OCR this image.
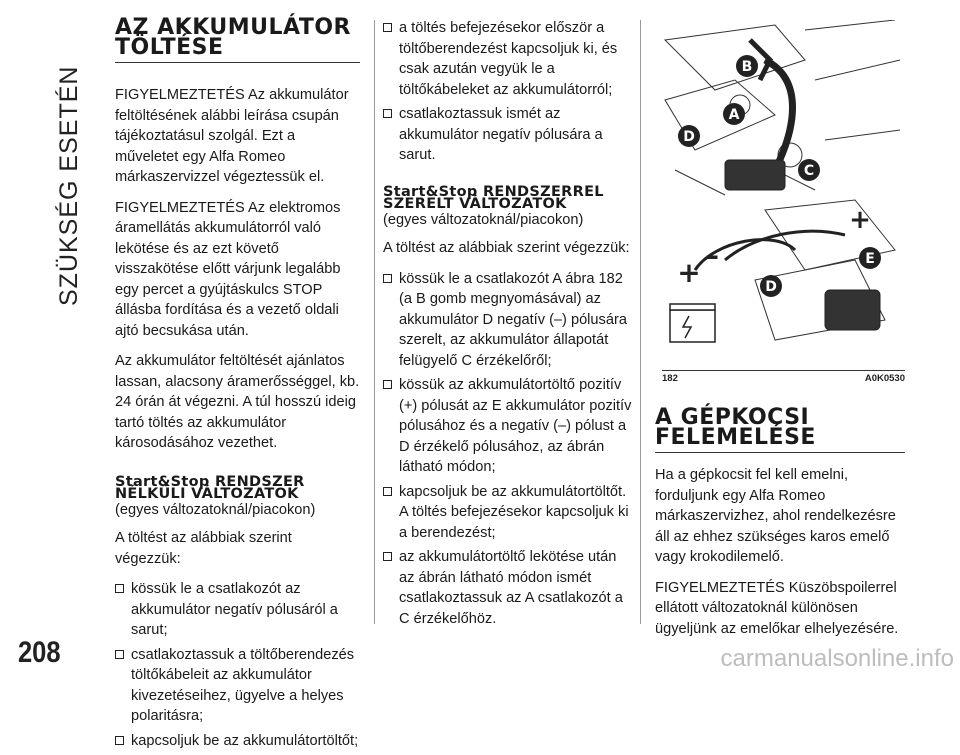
SZÜKSÉG ESETÉN
208
AZ AKKUMULÁTOR TÖLTÉSE

FIGYELMEZTETÉS Az akkumulátor feltöltésének alábbi leírása csupán tájékoztatásul szolgál. Ezt a műveletet egy Alfa Romeo márkaszervizzel végeztessük el.

FIGYELMEZTETÉS Az elektromos áramellátás akkumulátorról való lekötése és az ezt követő visszakötése előtt várjunk legalább egy percet a gyújtáskulcs STOP állásba fordítása és a vezető oldali ajtó becsukása után.

Az akkumulátor feltöltését ajánlatos lassan, alacsony áramerősséggel, kb. 24 órán át végezni. A túl hosszú ideig tartó töltés az akkumulátor károsodásához vezethet.

Start&Stop RENDSZER NÉLKÜLI VÁLTOZATOK
(egyes változatoknál/piacokon)

A töltést az alábbiak szerint végezzük:

kössük le a csatlakozót az akkumulátor negatív pólusáról a sarut;
csatlakoztassuk a töltőberendezés töltőkábeleit az akkumulátor kivezetéseihez, ügyelve a helyes polaritásra;
kapcsoljuk be az akkumulátortöltőt;
a töltés befejezésekor először a töltőberendezést kapcsoljuk ki, és csak azután vegyük le a töltőkábeleket az akkumulátorról;
csatlakoztassuk ismét az akkumulátor negatív pólusára a sarut.
Start&Stop RENDSZERREL SZERELT VÁLTOZATOK
(egyes változatoknál/piacokon)

A töltést az alábbiak szerint végezzük:

kössük le a csatlakozót A ábra 182 (a B gomb megnyomásával) az akkumulátor D negatív (–) pólusára szerelt, az akkumulátor állapotát felügyelő C érzékelőről;
kössük az akkumulátortöltő pozitív (+) pólusát az E akkumulátor pozitív pólusához és a negatív (–) pólust a D érzékelő pólusához, az ábrán látható módon;
kapcsoljuk be az akkumulátortöltőt. A töltés befejezésekor kapcsoljuk ki a berendezést;
az akkumulátortöltő lekötése után az ábrán látható módon ismét csatlakoztassuk az A csatlakozót a C érzékelőhöz.
B
A
D
C
+
–
+
E
D
182	A0K0530
A GÉPKOCSI FELEMELÉSE

Ha a gépkocsit fel kell emelni, forduljunk egy Alfa Romeo márkaszervizhez, ahol rendelkezésre áll az ehhez szükséges karos emelő vagy krokodilemelő.

FIGYELMEZTETÉS Küszöbspoilerrel ellátott változatoknál különösen ügyeljünk az emelőkar elhelyezésére.

carmanualsonline.info
